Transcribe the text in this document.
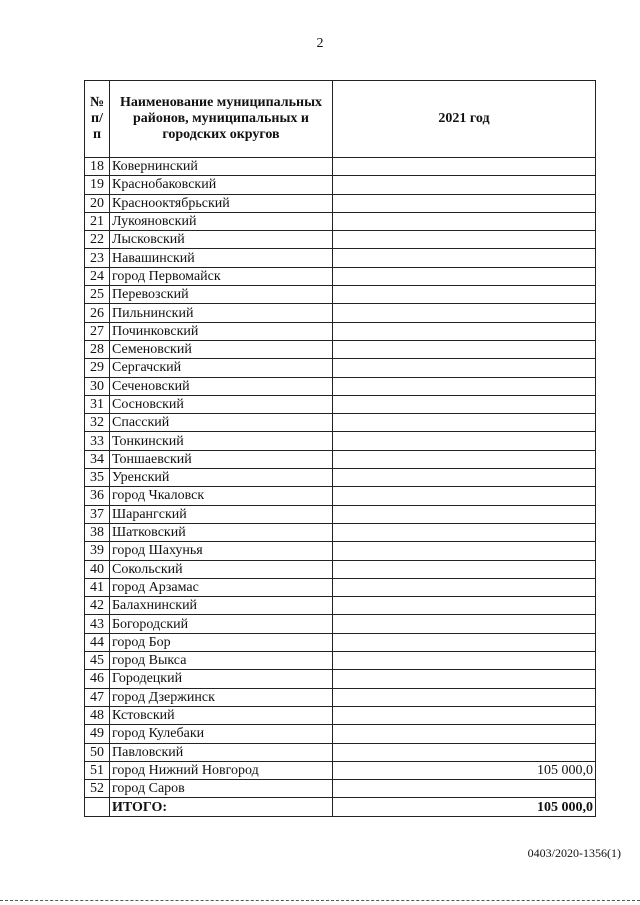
2
№ п/п	Наименование муниципальных районов, муниципальных и городских округов	2021 год
18	Ковернинский	
19	Краснобаковский	
20	Краснооктябрьский	
21	Лукояновский	
22	Лысковский	
23	Навашинский	
24	город Первомайск	
25	Перевозский	
26	Пильнинский	
27	Починковский	
28	Семеновский	
29	Сергачский	
30	Сеченовский	
31	Сосновский	
32	Спасский	
33	Тонкинский	
34	Тоншаевский	
35	Уренский	
36	город Чкаловск	
37	Шарангский	
38	Шатковский	
39	город Шахунья	
40	Сокольский	
41	город Арзамас	
42	Балахнинский	
43	Богородский	
44	город Бор	
45	город Выкса	
46	Городецкий	
47	город Дзержинск	
48	Кстовский	
49	город Кулебаки	
50	Павловский	
51	город Нижний Новгород	105 000,0
52	город Саров	
	ИТОГО:	105 000,0
0403/2020-1356(1)
